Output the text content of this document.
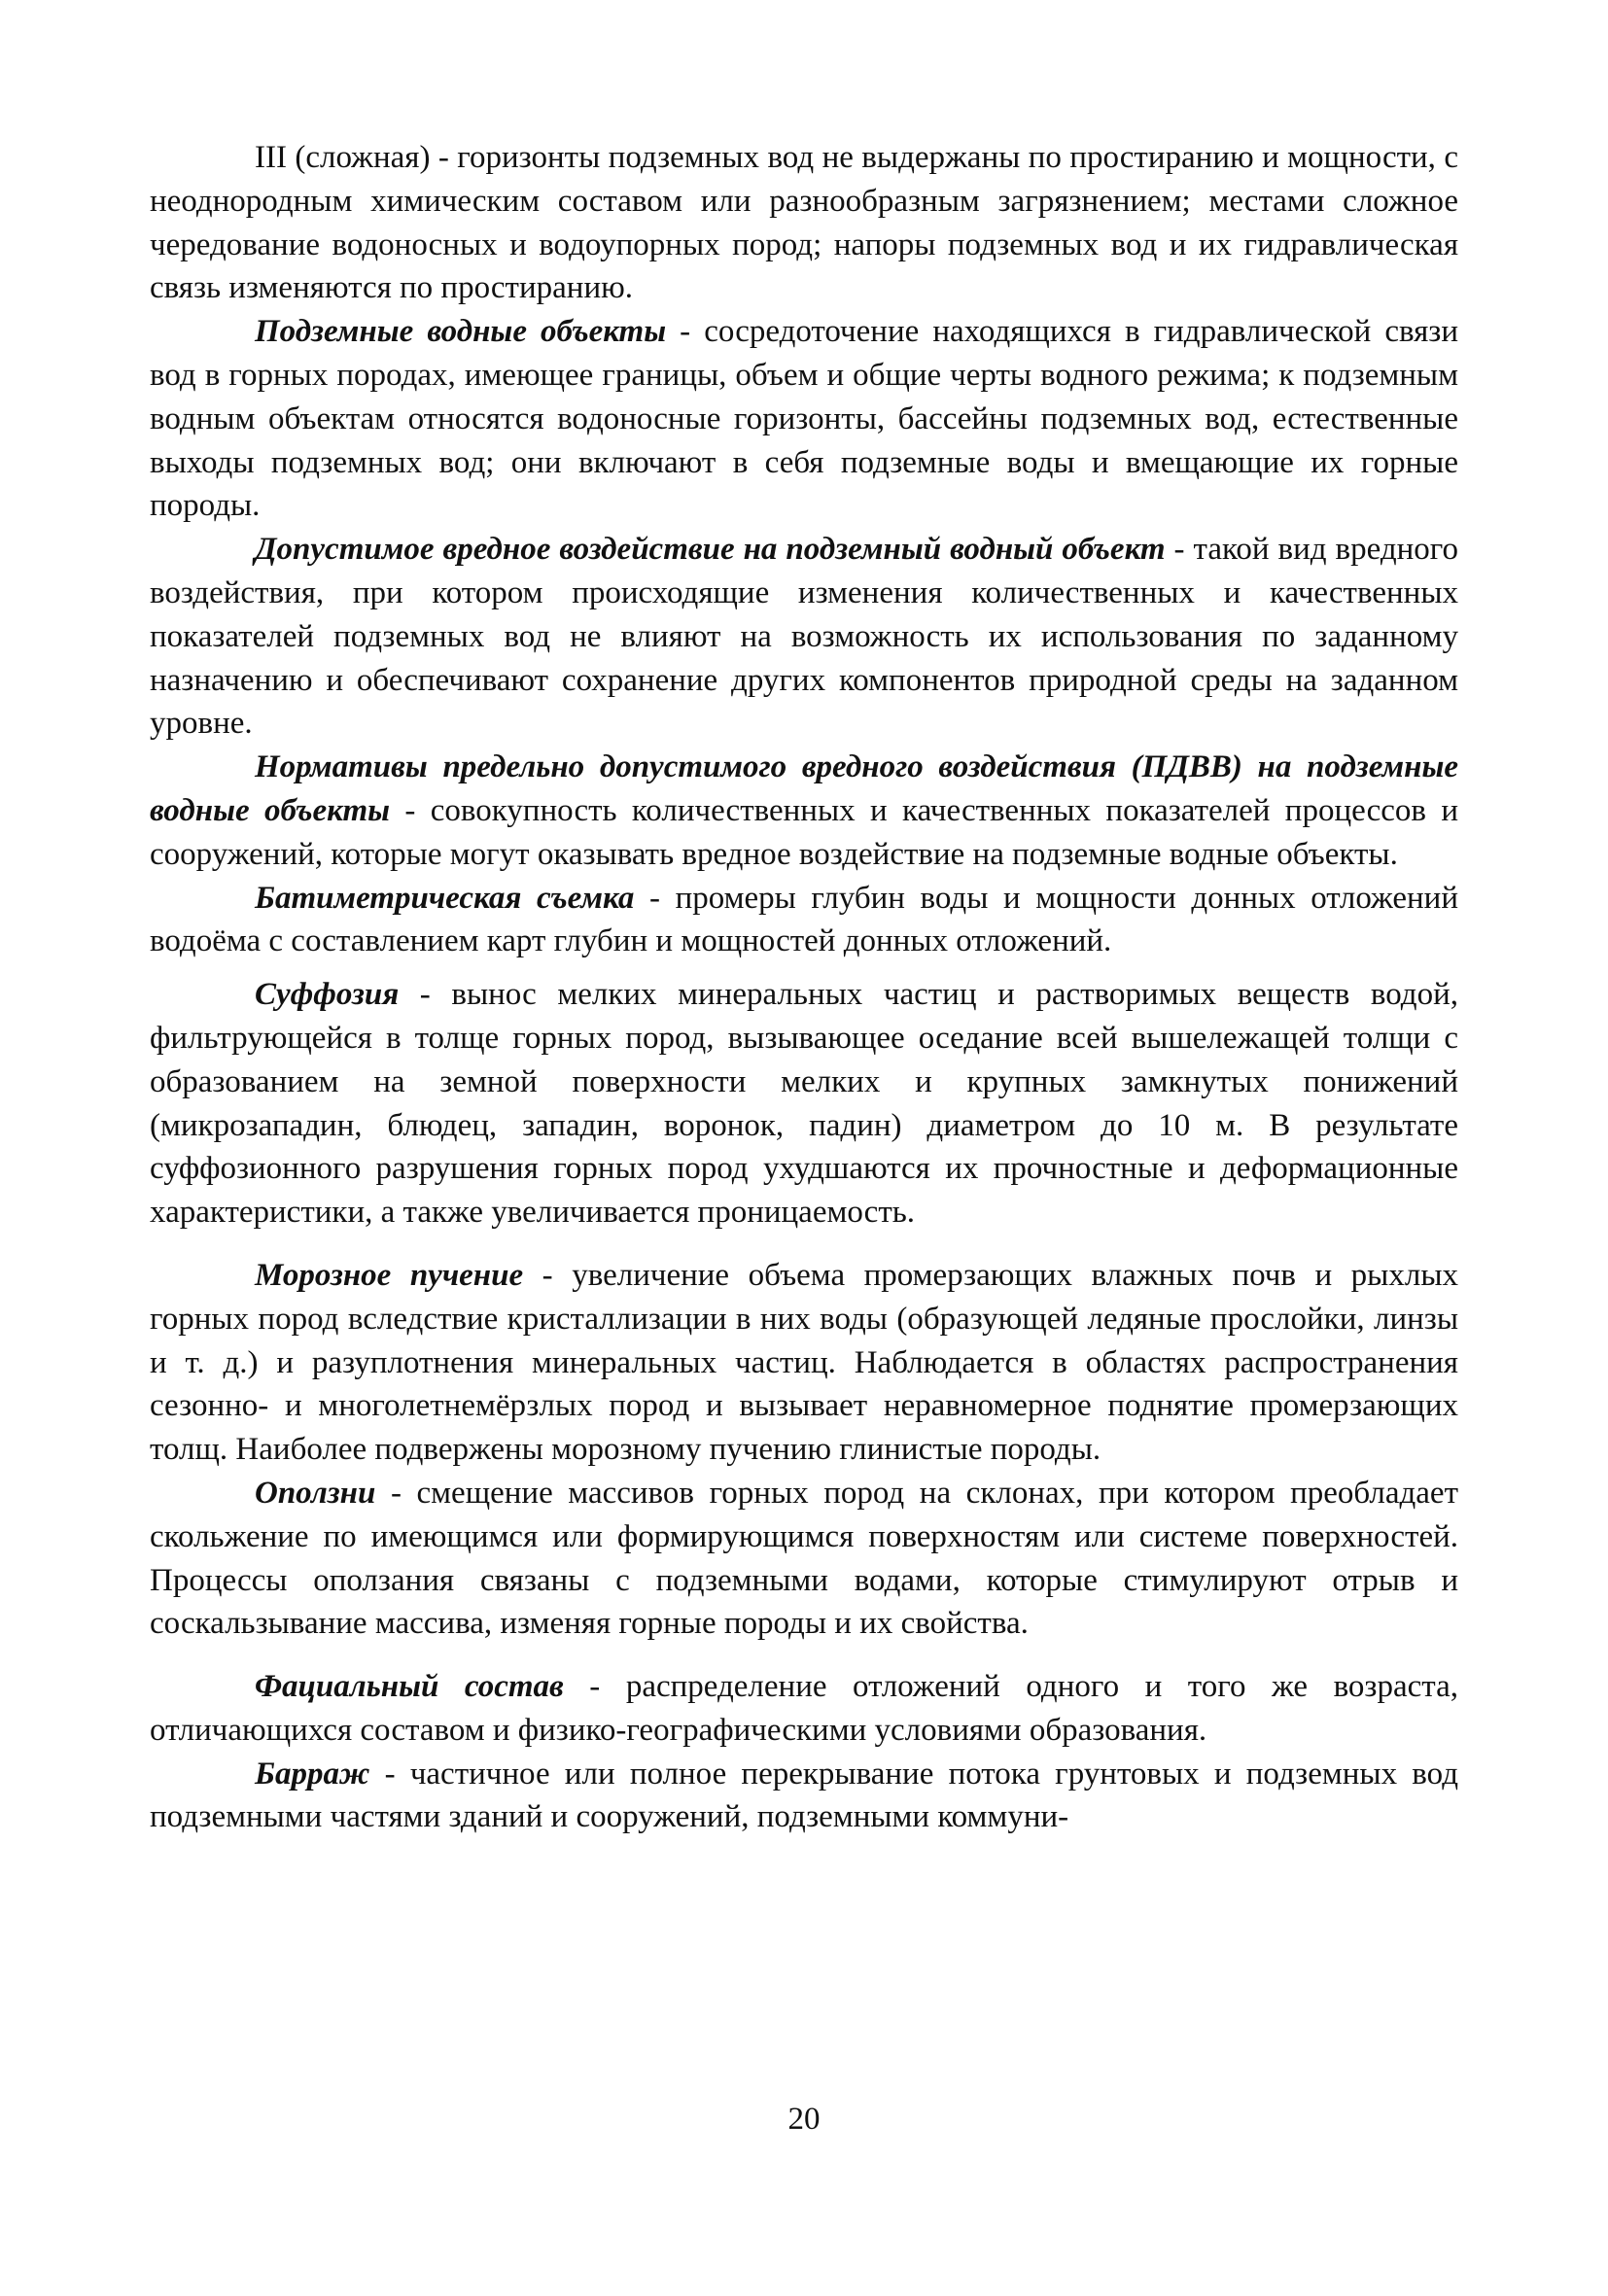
III (сложная) - горизонты подземных вод не выдержаны по простиранию и мощности, с неоднородным химическим составом или разнообразным загрязнением; местами сложное чередование водоносных и водоупорных пород; напоры подземных вод и их гидравлическая связь изменяются по простиранию.

Подземные водные объекты - сосредоточение находящихся в гидравлической связи вод в горных породах, имеющее границы, объем и общие черты водного режима; к подземным водным объектам относятся водоносные горизонты, бассейны подземных вод, естественные выходы подземных вод; они включают в себя подземные воды и вмещающие их горные породы.

Допустимое вредное воздействие на подземный водный объект - такой вид вредного воздействия, при котором происходящие изменения количественных и качественных показателей подземных вод не влияют на возможность их использования по заданному назначению и обеспечивают сохранение других компонентов природной среды на заданном уровне.

Нормативы предельно допустимого вредного воздействия (ПДВВ) на подземные водные объекты - совокупность количественных и качественных показателей процессов и сооружений, которые могут оказывать вредное воздействие на подземные водные объекты.

Батиметрическая съемка - промеры глубин воды и мощности донных отложений водоёма с составлением карт глубин и мощностей донных отложений.

Суффозия - вынос мелких минеральных частиц и растворимых веществ водой, фильтрующейся в толще горных пород, вызывающее оседание всей вышележащей толщи с образованием на земной поверхности мелких и крупных замкнутых понижений (микрозападин, блюдец, западин, воронок, падин) диаметром до 10 м. В результате суффозионного разрушения горных пород ухудшаются их прочностные и деформационные характеристики, а также увеличивается проницаемость.

Морозное пучение - увеличение объема промерзающих влажных почв и рыхлых горных пород вследствие кристаллизации в них воды (образующей ледяные прослойки, линзы и т. д.) и разуплотнения минеральных частиц. Наблюдается в областях распространения сезонно- и многолетнемёрзлых пород и вызывает неравномерное поднятие промерзающих толщ. Наиболее подвержены морозному пучению глинистые породы.

Оползни - смещение массивов горных пород на склонах, при котором преобладает скольжение по имеющимся или формирующимся поверхностям или системе поверхностей. Процессы оползания связаны с подземными водами, которые стимулируют отрыв и соскальзывание массива, изменяя горные породы и их свойства.

Фациальный состав - распределение отложений одного и того же возраста, отличающихся составом и физико-географическими условиями образования.

Барраж - частичное или полное перекрывание потока грунтовых и подземных вод подземными частями зданий и сооружений, подземными коммуни-

20
